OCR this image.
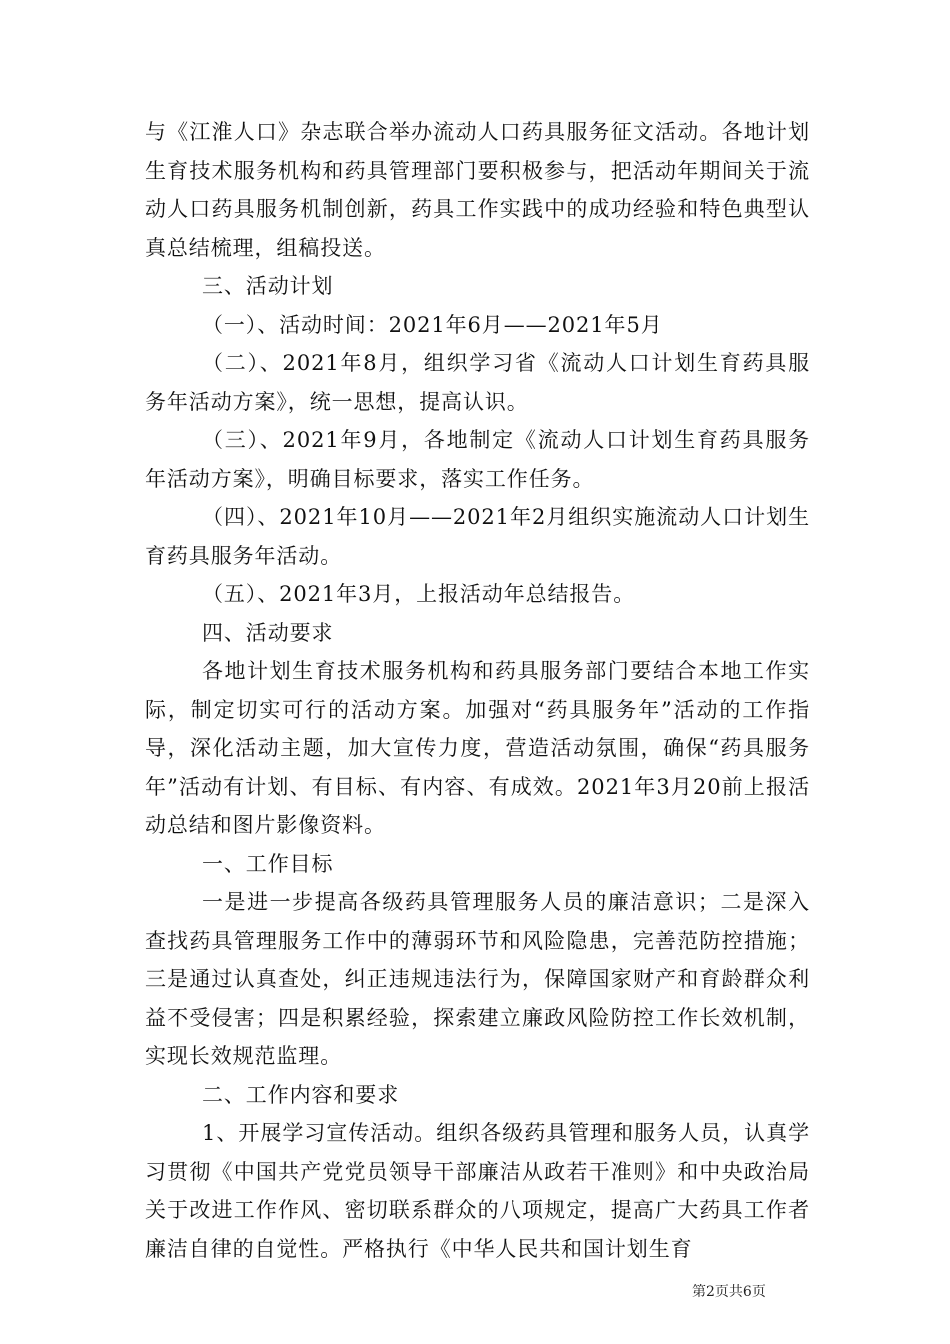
与《江淮人口》杂志联合举办流动人口药具服务征文活动。各地计划生育技术服务机构和药具管理部门要积极参与，把活动年期间关于流动人口药具服务机制创新，药具工作实践中的成功经验和特色典型认真总结梳理，组稿投送。

三、活动计划

（一）、活动时间：2021年6月——2021年5月

（二）、2021年8月，组织学习省《流动人口计划生育药具服务年活动方案》，统一思想，提高认识。

（三）、2021年9月，各地制定《流动人口计划生育药具服务年活动方案》，明确目标要求，落实工作任务。

（四）、2021年10月——2021年2月组织实施流动人口计划生育药具服务年活动。

（五）、2021年3月，上报活动年总结报告。

四、活动要求

各地计划生育技术服务机构和药具服务部门要结合本地工作实际，制定切实可行的活动方案。加强对“药具服务年”活动的工作指导，深化活动主题，加大宣传力度，营造活动氛围，确保“药具服务年”活动有计划、有目标、有内容、有成效。2021年3月20前上报活动总结和图片影像资料。

一、工作目标

一是进一步提高各级药具管理服务人员的廉洁意识；二是深入查找药具管理服务工作中的薄弱环节和风险隐患，完善范防控措施；三是通过认真查处，纠正违规违法行为，保障国家财产和育龄群众利益不受侵害；四是积累经验，探索建立廉政风险防控工作长效机制，实现长效规范监理。

二、工作内容和要求

1、开展学习宣传活动。组织各级药具管理和服务人员，认真学习贯彻《中国共产党党员领导干部廉洁从政若干准则》和中央政治局关于改进工作作风、密切联系群众的八项规定，提高广大药具工作者廉洁自律的自觉性。严格执行《中华人民共和国计划生育

第2页共6页
